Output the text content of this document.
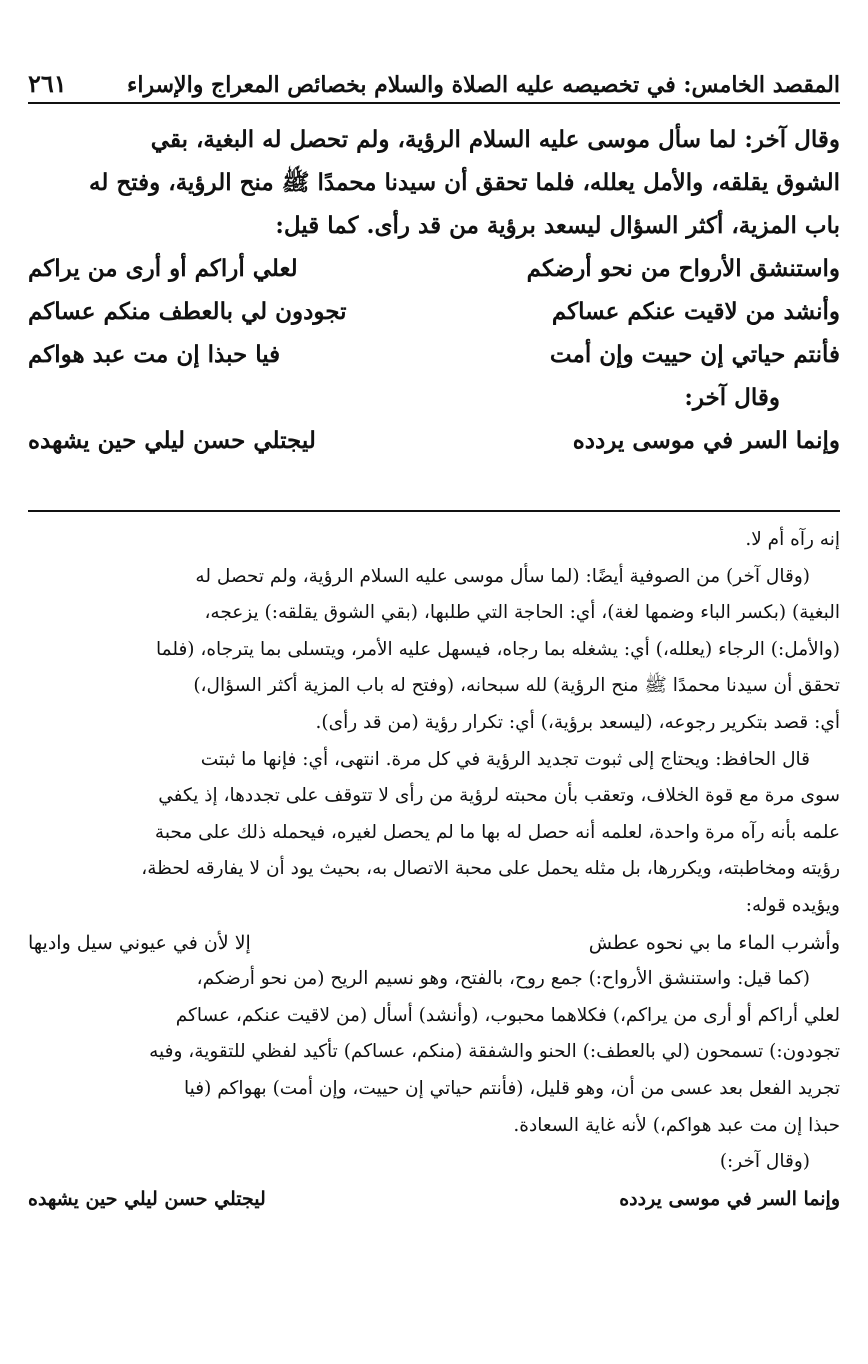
المقصد الخامس: في تخصيصه عليه الصلاة والسلام بخصائص المعراج والإسراء
٢٦١

وقال آخر: لما سأل موسى عليه السلام الرؤية، ولم تحصل له البغية، بقي

الشوق يقلقه، والأمل يعلله، فلما تحقق أن سيدنا محمدًا ﷺ منح الرؤية، وفتح له

باب المزية، أكثر السؤال ليسعد برؤية من قد رأى. كما قيل:

واستنشق الأرواح من نحو أرضكم
لعلي أراكم أو أرى من يراكم
وأنشد من لاقيت عنكم عساكم
تجودون لي بالعطف منكم عساكم
فأنتم حياتي إن حييت وإن أمت
فيا حبذا إن مت عبد هواكم

وقال آخر:

وإنما السر في موسى يردده
ليجتلي حسن ليلي حين يشهده

إنه رآه أم لا.

(وقال آخر) من الصوفية أيضًا: (لما سأل موسى عليه السلام الرؤية، ولم تحصل له

البغية) (بكسر الباء وضمها لغة)، أي: الحاجة التي طلبها، (بقي الشوق يقلقه:) يزعجه،

(والأمل:) الرجاء (يعلله،) أي: يشغله بما رجاه، فيسهل عليه الأمر، ويتسلى بما يترجاه، (فلما

تحقق أن سيدنا محمدًا ﷺ منح الرؤية) لله سبحانه، (وفتح له باب المزية أكثر السؤال،)

أي: قصد بتكرير رجوعه، (ليسعد برؤية،) أي: تكرار رؤية (من قد رأى).

قال الحافظ: ويحتاج إلى ثبوت تجديد الرؤية في كل مرة. انتهى، أي: فإنها ما ثبتت

سوى مرة مع قوة الخلاف، وتعقب بأن محبته لرؤية من رأى لا تتوقف على تجددها، إذ يكفي

علمه بأنه رآه مرة واحدة، لعلمه أنه حصل له بها ما لم يحصل لغيره، فيحمله ذلك على محبة

رؤيته ومخاطبته، ويكررها، بل مثله يحمل على محبة الاتصال به، بحيث يود أن لا يفارقه لحظة،

ويؤيده قوله:

وأشرب الماء ما بي نحوه عطش
إلا لأن في عيوني سيل واديها

(كما قيل: واستنشق الأرواح:) جمع روح، بالفتح، وهو نسيم الريح (من نحو أرضكم،

لعلي أراكم أو أرى من يراكم،) فكلاهما محبوب، (وأنشد) أسأل (من لاقيت عنكم، عساكم

تجودون:) تسمحون (لي بالعطف:) الحنو والشفقة (منكم، عساكم) تأكيد لفظي للتقوية، وفيه

تجريد الفعل بعد عسى من أن، وهو قليل، (فأنتم حياتي إن حييت، وإن أمت) بهواكم (فيا

حبذا إن مت عبد هواكم،) لأنه غاية السعادة.

(وقال آخر:)

وإنما السر في موسى يردده
ليجتلي حسن ليلي حين يشهده
